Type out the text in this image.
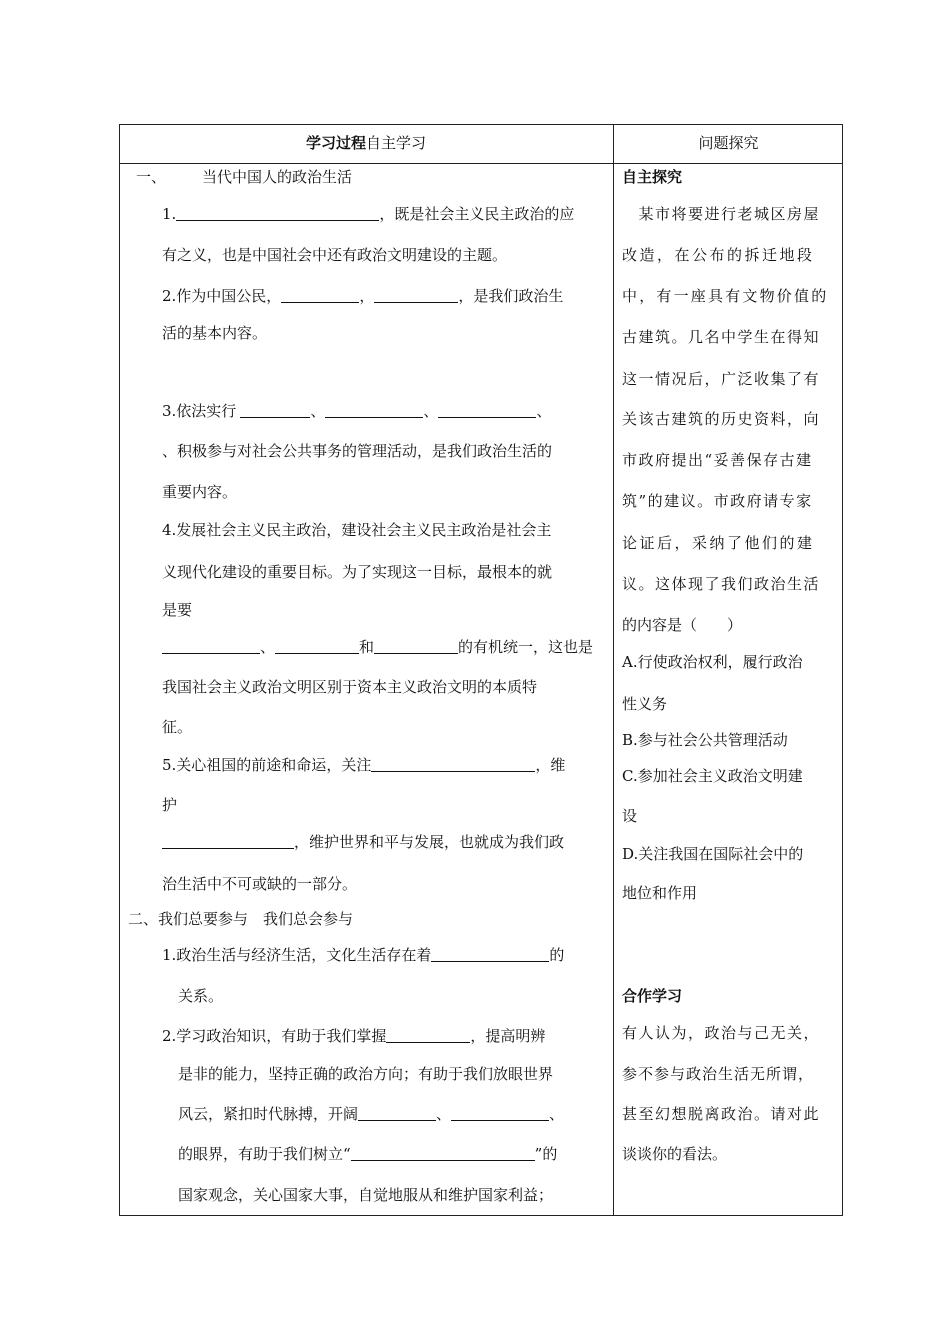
学习过程自主学习	问题探究
一、 当代中国人的政治生活
1.	，既是社会主义民主政治的应
有之义，也是中国社会中还有政治文明建设的主题。
2.作为中国公民，	，	，是我们政治生
活的基本内容。
3.依法实行	、	、	、
、积极参与对社会公共事务的管理活动，是我们政治生活的
重要内容。
4.发展社会主义民主政治，建设社会主义民主政治是社会主
义现代化建设的重要目标。为了实现这一目标，最根本的就
是要
、	和	的有机统一，这也是
我国社会主义政治文明区别于资本主义政治文明的本质特
征。
5.关心祖国的前途和命运，关注	，维
护
，维护世界和平与发展，也就成为我们政
治生活中不可或缺的一部分。
二、我们总要参与　我们总会参与
1.政治生活与经济生活，文化生活存在着	的
关系。
2.学习政治知识，有助于我们掌握	，提高明辨
是非的能力，坚持正确的政治方向；有助于我们放眼世界
风云，紧扣时代脉搏，开阔	、	、
的眼界，有助于我们树立“	”的
国家观念，关心国家大事，自觉地服从和维护国家利益；
自主探究
　某市将要进行老城区房屋
改造，在公布的拆迁地段
中，有一座具有文物价值的
古建筑。几名中学生在得知
这一情况后，广泛收集了有
关该古建筑的历史资料，向
市政府提出“妥善保存古建
筑”的建议。市政府请专家
论证后，采纳了他们的建
议。这体现了我们政治生活
的内容是（　　）
A.行使政治权利，履行政治
性义务
B.参与社会公共管理活动
C.参加社会主义政治文明建
设
D.关注我国在国际社会中的
地位和作用
合作学习
有人认为，政治与己无关，
参不参与政治生活无所谓，
甚至幻想脱离政治。请对此
谈谈你的看法。
